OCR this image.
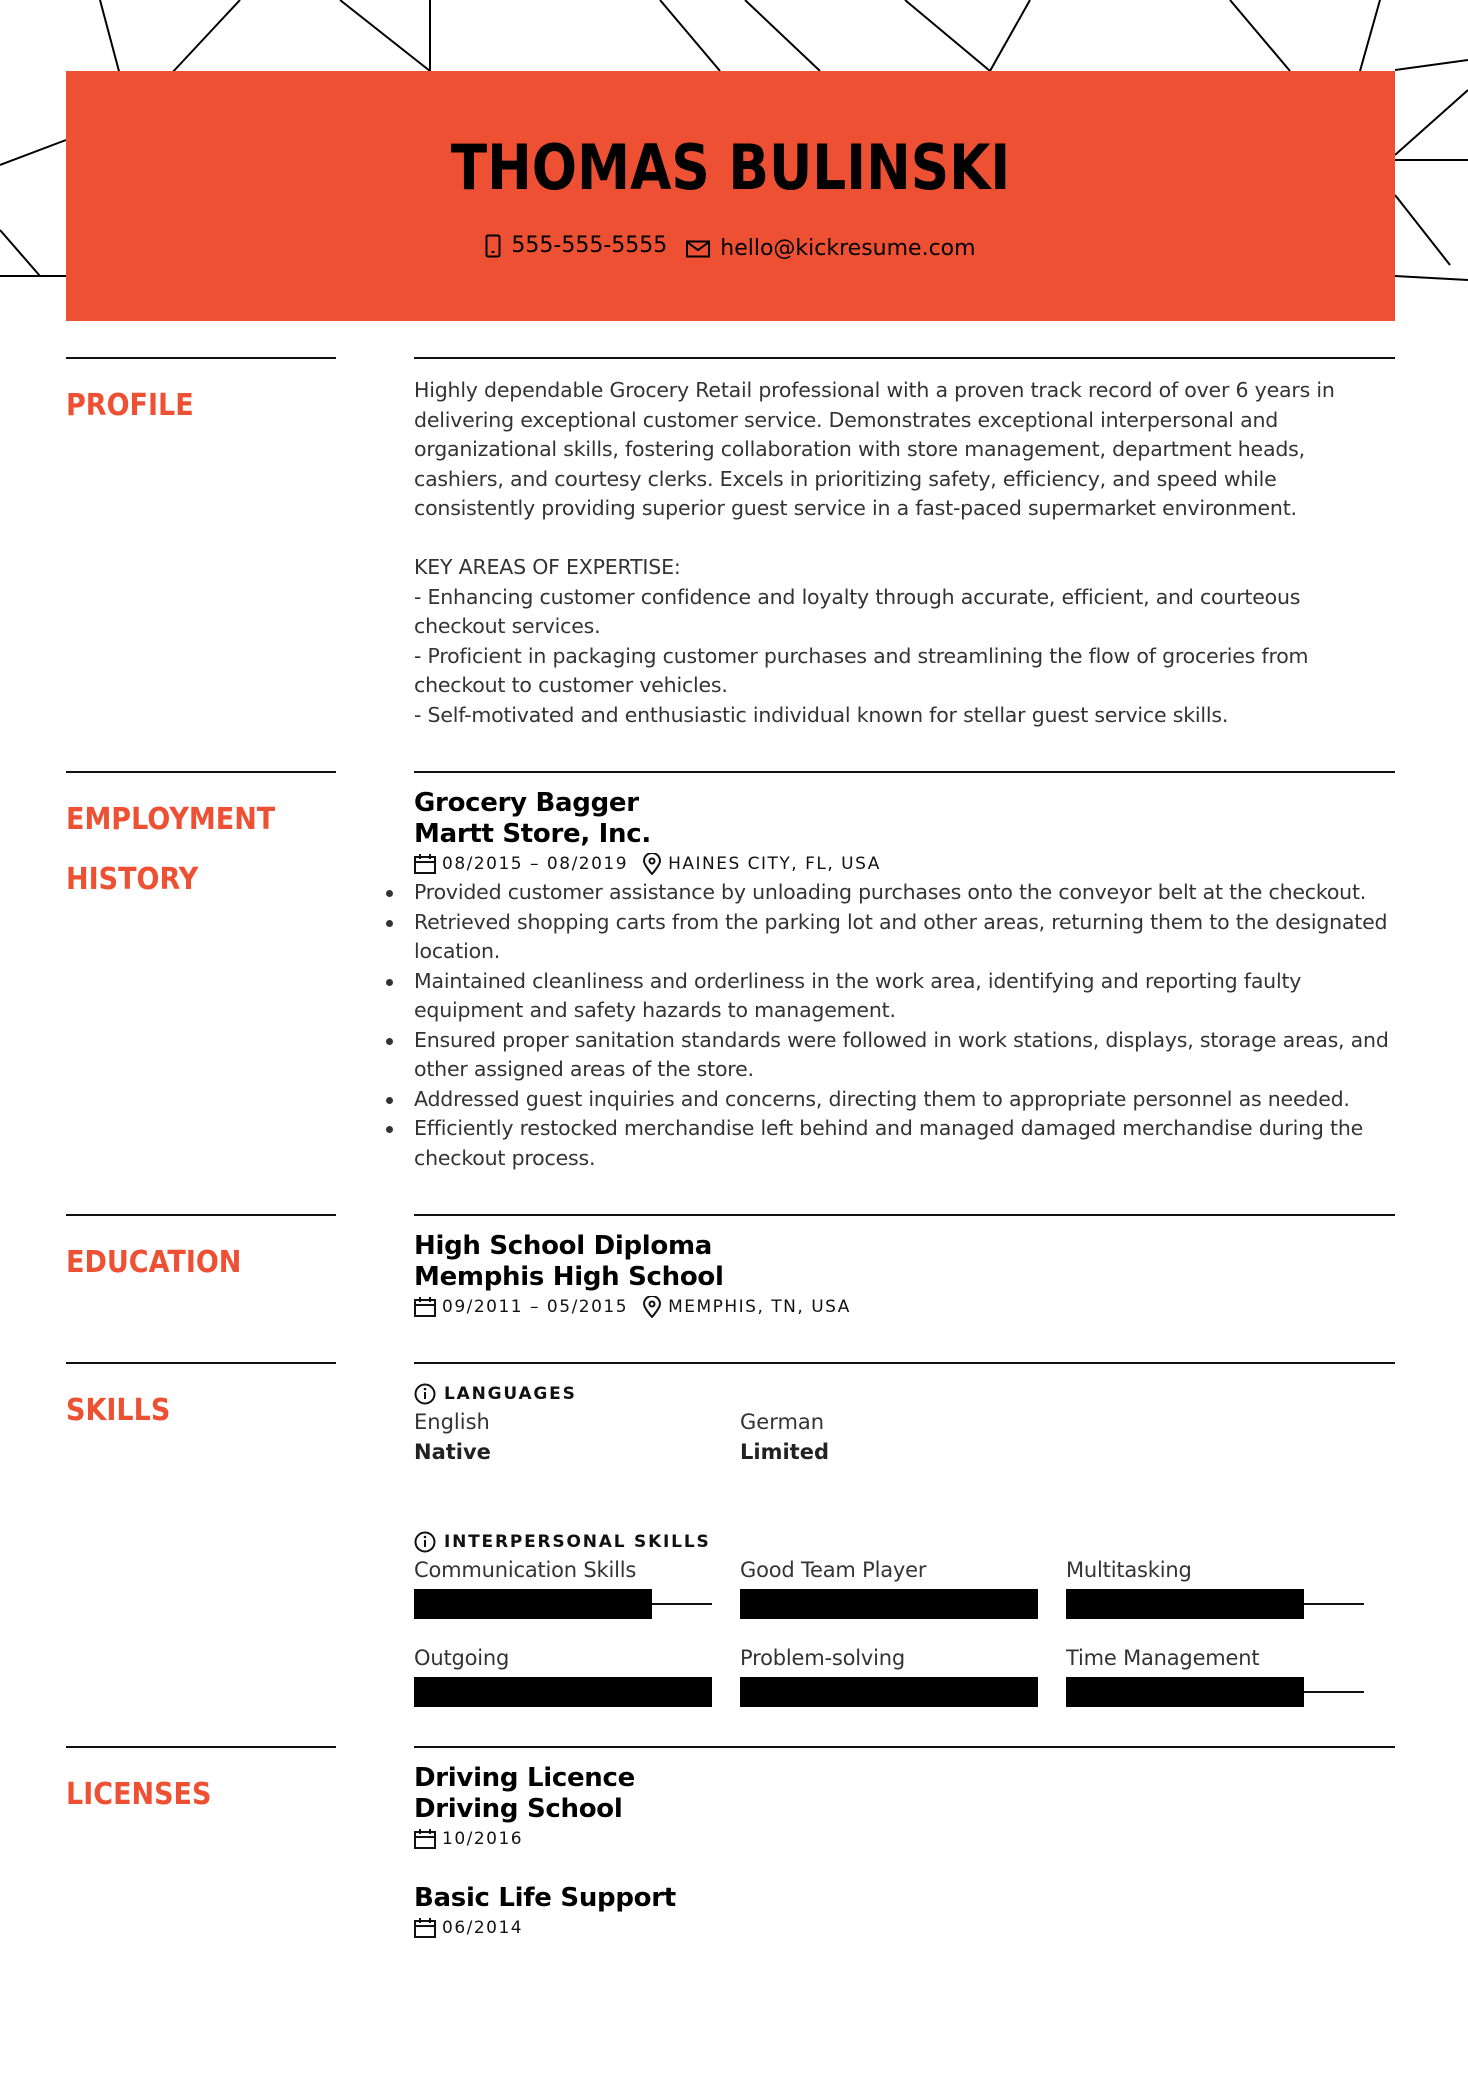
THOMAS BULINSKI
555-555-5555
hello@kickresume.com
PROFILE	Highly dependable Grocery Retail professional with a proven track record of over 6 years in delivering exceptional customer service. Demonstrates exceptional interpersonal and organizational skills, fostering collaboration with store management, department heads, cashiers, and courtesy clerks. Excels in prioritizing safety, efficiency, and speed while consistently providing superior guest service in a fast-paced supermarket environment.

KEY AREAS OF EXPERTISE:

- Enhancing customer confidence and loyalty through accurate, efficient, and courteous checkout services.

- Proficient in packaging customer purchases and streamlining the flow of groceries from checkout to customer vehicles.

- Self-motivated and enthusiastic individual known for stellar guest service skills.

EMPLOYMENT
HISTORY
Grocery Bagger
Martt Store, Inc.
08/2015 – 08/2019 HAINES CITY, FL, USA
Provided customer assistance by unloading purchases onto the conveyor belt at the checkout.
Retrieved shopping carts from the parking lot and other areas, returning them to the designated location.
Maintained cleanliness and orderliness in the work area, identifying and reporting faulty equipment and safety hazards to management.
Ensured proper sanitation standards were followed in work stations, displays, storage areas, and other assigned areas of the store.
Addressed guest inquiries and concerns, directing them to appropriate personnel as needed.
Efficiently restocked merchandise left behind and managed damaged merchandise during the checkout process.
EDUCATION	High School Diploma
Memphis High School
09/2011 – 05/2015 MEMPHIS, TN, USA
SKILLS	LANGUAGES
English
Native
German
Limited
INTERPERSONAL SKILLS
Communication Skills	Good Team Player	Multitasking
Outgoing	Problem-solving	Time Management
LICENSES	Driving Licence
Driving School
10/2016
Basic Life Support
06/2014
